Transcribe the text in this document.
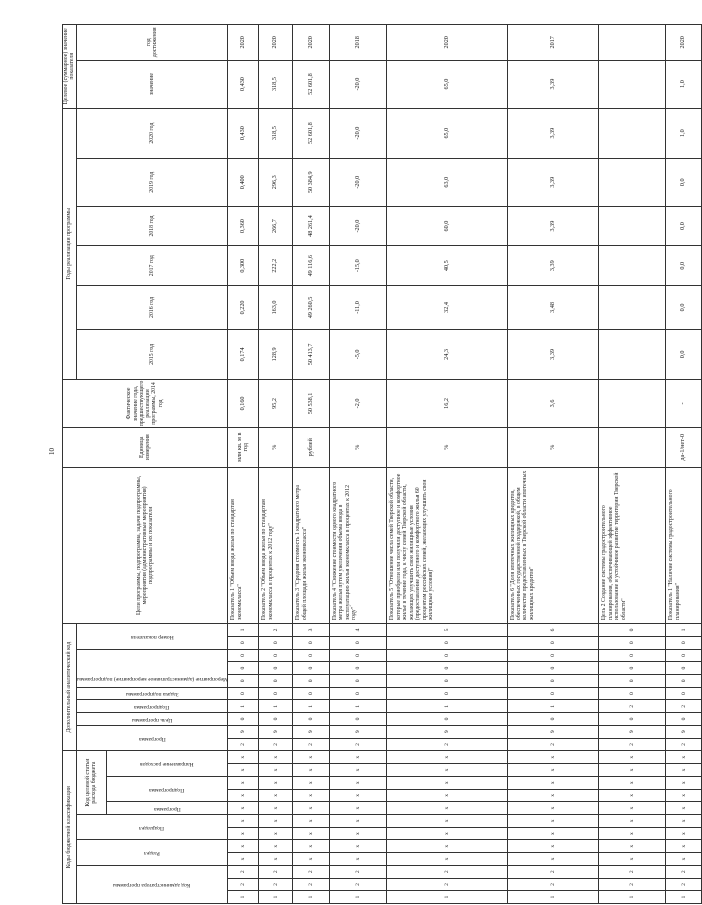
10
Коды бюджетной классификации												Дополнительный аналитический код										Цели программы, подпрограмма, задачи подпрограммы, мероприятия (административные мероприятия) подпрограммы и их показатели	Единица измерения	Фактическое значение года, предшествующего реализации программы, 2014 год	Годы реализации программы						Целевое (суммарное) значение показателя	

Код администратора программы			Раздел		Подраздел		Код целевой статьи расхода бюджета					Программа		Цель программы	Подпрограмма	Задача подпрограммы	Мероприятие (административное мероприятие) подпрограммы			Номер показателя					2015 год	2016 год	2017 год	2018 год	2019 год	2020 год	значение	год достижения

							Программа	Подпрограмма		Направление расходов																						

1	2	2	х	х	х	х	х	х	х	х	х	2	9	0	1	0	0	0	0	0	1	Показатель 1 "Объем ввода жилья по стандартам экономкласса"	млн кв. м в год	0,160	0,174	0,220	0,300	0,360	0,400	0,430	0,430	2020
1	2	2	х	х	х	х	х	х	х	х	х	2	9	0	1	0	0	0	0	0	2	Показатель 2 "Объем ввода жилья по стандартам экономкласса в процентах к 2012 году"	%	95,2	128,9	163,0	222,2	266,7	296,3	318,5	318,5	2020
1	2	2	х	х	х	х	х	х	х	х	х	2	9	0	1	0	0	0	0	0	3	Показатель 3 "Средняя стоимость 1 квадратного метра общей площади жилья экономкласса"	рублей	50 538,1	50 413,7	49 260,5	49 116,6	48 261,4	50 384,9	52 601,8	52 601,8	2020
1	2	2	х	х	х	х	х	х	х	х	х	2	9	0	1	0	0	0	0	0	4	Показатель 4 "Снижение стоимости одного квадратного метра жилья путем увеличения объема ввода в эксплуатацию жилья экономкласса в процентах к 2012 году"	%	-2,0	-5,0	-11,0	-15,0	-20,0	-20,0	-20,0	-20,0	2018
1	2	2	х	х	х	х	х	х	х	х	х	2	9	0	1	0	0	0	0	0	5	Показатель 5 "Отношение числа семей Тверской области, которые приобрели или получили доступное и комфортное жилье в течение года, к числу семей Тверской области, желающих улучшить свои жилищные условия (предоставление доступного и комфортного жилья 60 процентам российских семей, желающих улучшить свои жилищные условия)"	%	16,2	24,3	32,4	40,5	60,0	63,0	65,0	65,0	2020
1	2	2	х	х	х	х	х	х	х	х	х	2	9	0	1	0	0	0	0	0	6	Показатель 6 "Доля ипотечных жилищных кредитов, обеспеченных государственной поддержкой, в общем количестве предоставленных в Тверской области ипотечных жилищных кредитов"	%	3,6	3,39	3,48	3,39	3,39	3,39	3,39	3,39	2017
1	2	2	х	х	х	х	х	х	х	х	х	2	9	0	2	0	0	0	0	0	0	Цель 2 Создание системы градостроительного планирования, обеспечивающей эффективное использование и устойчивое развитие территории Тверской области"										
1	2	2	х	х	х	х	х	х	х	х	х	2	9	0	2	0	0	0	0	0	1	Показатель 1 "Наличие системы градостроительного планирования"	да-1/нет-0	-	0,0	0,0	0,0	0,0	0,0	1,0	1,0	2020
